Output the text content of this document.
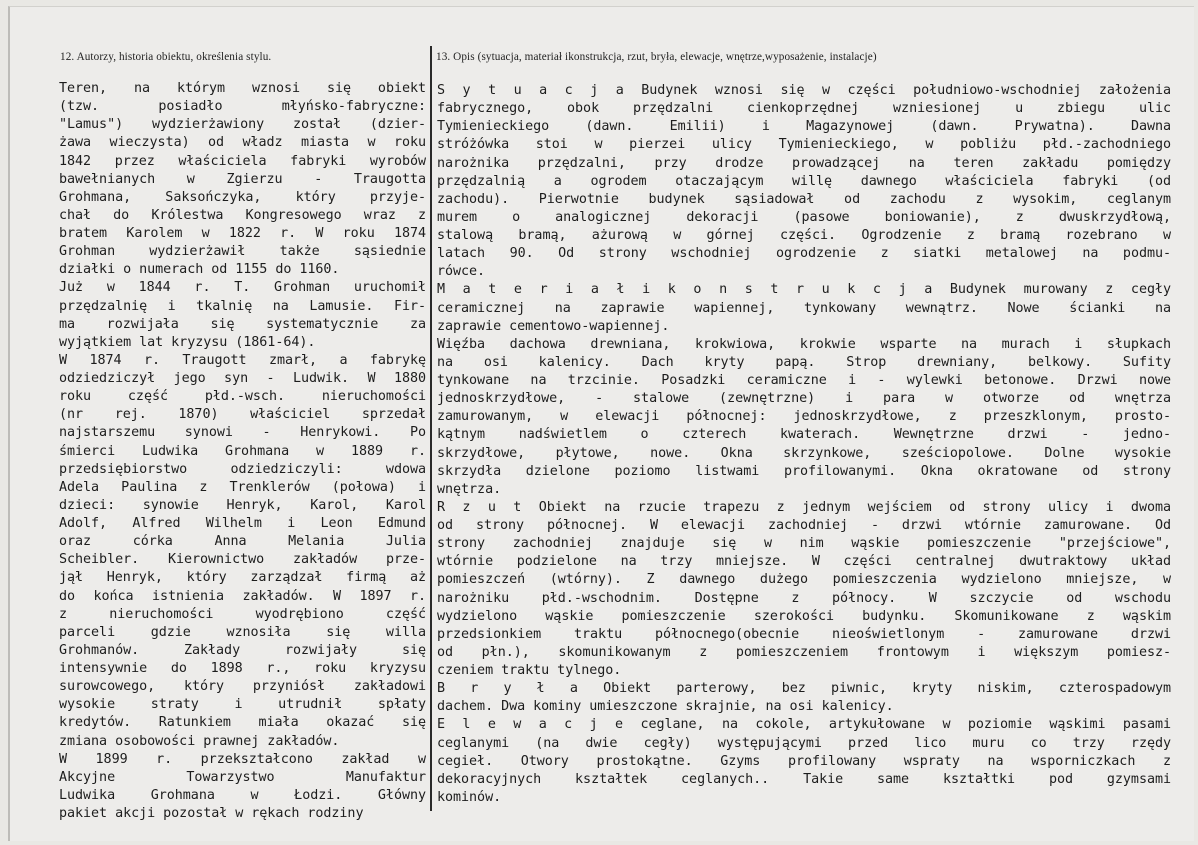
12. Autorzy, historia obiektu, określenia stylu.	13. Opis (sytuacja, materiał ikonstrukcja, rzut, bryła, elewacje, wnętrze,wyposażenie, instalacje)
Teren, na którym wznosi się obiekt
(tzw. posiadło młyńsko-fabryczne:
"Lamus") wydzierżawiony został (dzier-
żawa wieczysta) od władz miasta w roku
1842 przez właściciela fabryki wyrobów
bawełnianych w Zgierzu - Traugotta
Grohmana, Saksończyka, który przyje-
chał do Królestwa Kongresowego wraz z
bratem Karolem w 1822 r. W roku 1874
Grohman wydzierżawił także sąsiednie
działki o numerach od 1155 do 1160.
Już w 1844 r. T. Grohman uruchomił
przędzalnię i tkalnię na Lamusie. Fir-
ma rozwijała się systematycznie za
wyjątkiem lat kryzysu (1861-64).
W 1874 r. Traugott zmarł, a fabrykę
odziedziczył jego syn - Ludwik. W 1880
roku część płd.-wsch. nieruchomości
(nr rej. 1870) właściciel sprzedał
najstarszemu synowi - Henrykowi. Po
śmierci Ludwika Grohmana w 1889 r.
przedsiębiorstwo odziedziczyli: wdowa
Adela Paulina z Trenklerów (połowa) i
dzieci: synowie Henryk, Karol, Karol
Adolf, Alfred Wilhelm i Leon Edmund
oraz córka Anna Melania Julia
Scheibler. Kierownictwo zakładów prze-
jął Henryk, który zarządzał firmą aż
do końca istnienia zakładów. W 1897 r.
z nieruchomości wyodrębiono część
parceli gdzie wznosiła się willa
Grohmanów. Zakłady rozwijały się
intensywnie do 1898 r., roku kryzysu
surowcowego, który przyniósł zakładowi
wysokie straty i utrudnił spłaty
kredytów. Ratunkiem miała okazać się
zmiana osobowości prawnej zakładów.
W 1899 r. przekształcono zakład w
Akcyjne Towarzystwo Manufaktur
Ludwika Grohmana w Łodzi. Główny
pakiet akcji pozostał w rękach rodziny
S y t u a c j a Budynek wznosi się w części południowo-wschodniej założenia
fabrycznego, obok przędzalni cienkoprzędnej wzniesionej u zbiegu ulic
Tymienieckiego (dawn. Emilii) i Magazynowej (dawn. Prywatna). Dawna
stróżówka stoi w pierzei ulicy Tymienieckiego, w pobliżu płd.-zachodniego
narożnika przędzalni, przy drodze prowadzącej na teren zakładu pomiędzy
przędzalnią a ogrodem otaczającym willę dawnego właściciela fabryki (od
zachodu). Pierwotnie budynek sąsiadował od zachodu z wysokim, ceglanym
murem o analogicznej dekoracji (pasowe boniowanie), z dwuskrzydłową,
stalową bramą, ażurową w górnej części. Ogrodzenie z bramą rozebrano w
latach 90. Od strony wschodniej ogrodzenie z siatki metalowej na podmu-
rówce.
M a t e r i a ł i k o n s t r u k c j a Budynek murowany z cegły
ceramicznej na zaprawie wapiennej, tynkowany wewnątrz. Nowe ścianki na
zaprawie cementowo-wapiennej.
Więźba dachowa drewniana, krokwiowa, krokwie wsparte na murach i słupkach
na osi kalenicy. Dach kryty papą. Strop drewniany, belkowy. Sufity
tynkowane na trzcinie. Posadzki ceramiczne i - wylewki betonowe. Drzwi nowe
jednoskrzydłowe, - stalowe (zewnętrzne) i para w otworze od wnętrza
zamurowanym, w elewacji północnej: jednoskrzydłowe, z przeszklonym, prosto-
kątnym nadświetlem o czterech kwaterach. Wewnętrzne drzwi - jedno-
skrzydłowe, płytowe, nowe. Okna skrzynkowe, sześciopolowe. Dolne wysokie
skrzydła dzielone poziomo listwami profilowanymi. Okna okratowane od strony
wnętrza.
R z u t Obiekt na rzucie trapezu z jednym wejściem od strony ulicy i dwoma
od strony północnej. W elewacji zachodniej - drzwi wtórnie zamurowane. Od
strony zachodniej znajduje się w nim wąskie pomieszczenie "przejściowe",
wtórnie podzielone na trzy mniejsze. W części centralnej dwutraktowy układ
pomieszczeń (wtórny). Z dawnego dużego pomieszczenia wydzielono mniejsze, w
narożniku płd.-wschodnim. Dostępne z północy. W szczycie od wschodu
wydzielono wąskie pomieszczenie szerokości budynku. Skomunikowane z wąskim
przedsionkiem traktu północnego(obecnie nieoświetlonym - zamurowane drzwi
od płn.), skomunikowanym z pomieszczeniem frontowym i większym pomiesz-
czeniem traktu tylnego.
B r y ł a Obiekt parterowy, bez piwnic, kryty niskim, czterospadowym
dachem. Dwa kominy umieszczone skrajnie, na osi kalenicy.
E l e w a c j e ceglane, na cokole, artykułowane w poziomie wąskimi pasami
ceglanymi (na dwie cegły) występującymi przed lico muru co trzy rzędy
cegieł. Otwory prostokątne. Gzyms profilowany wspraty na wsporniczkach z
dekoracyjnych kształtek ceglanych.. Takie same kształtki pod gzymsami
kominów.
